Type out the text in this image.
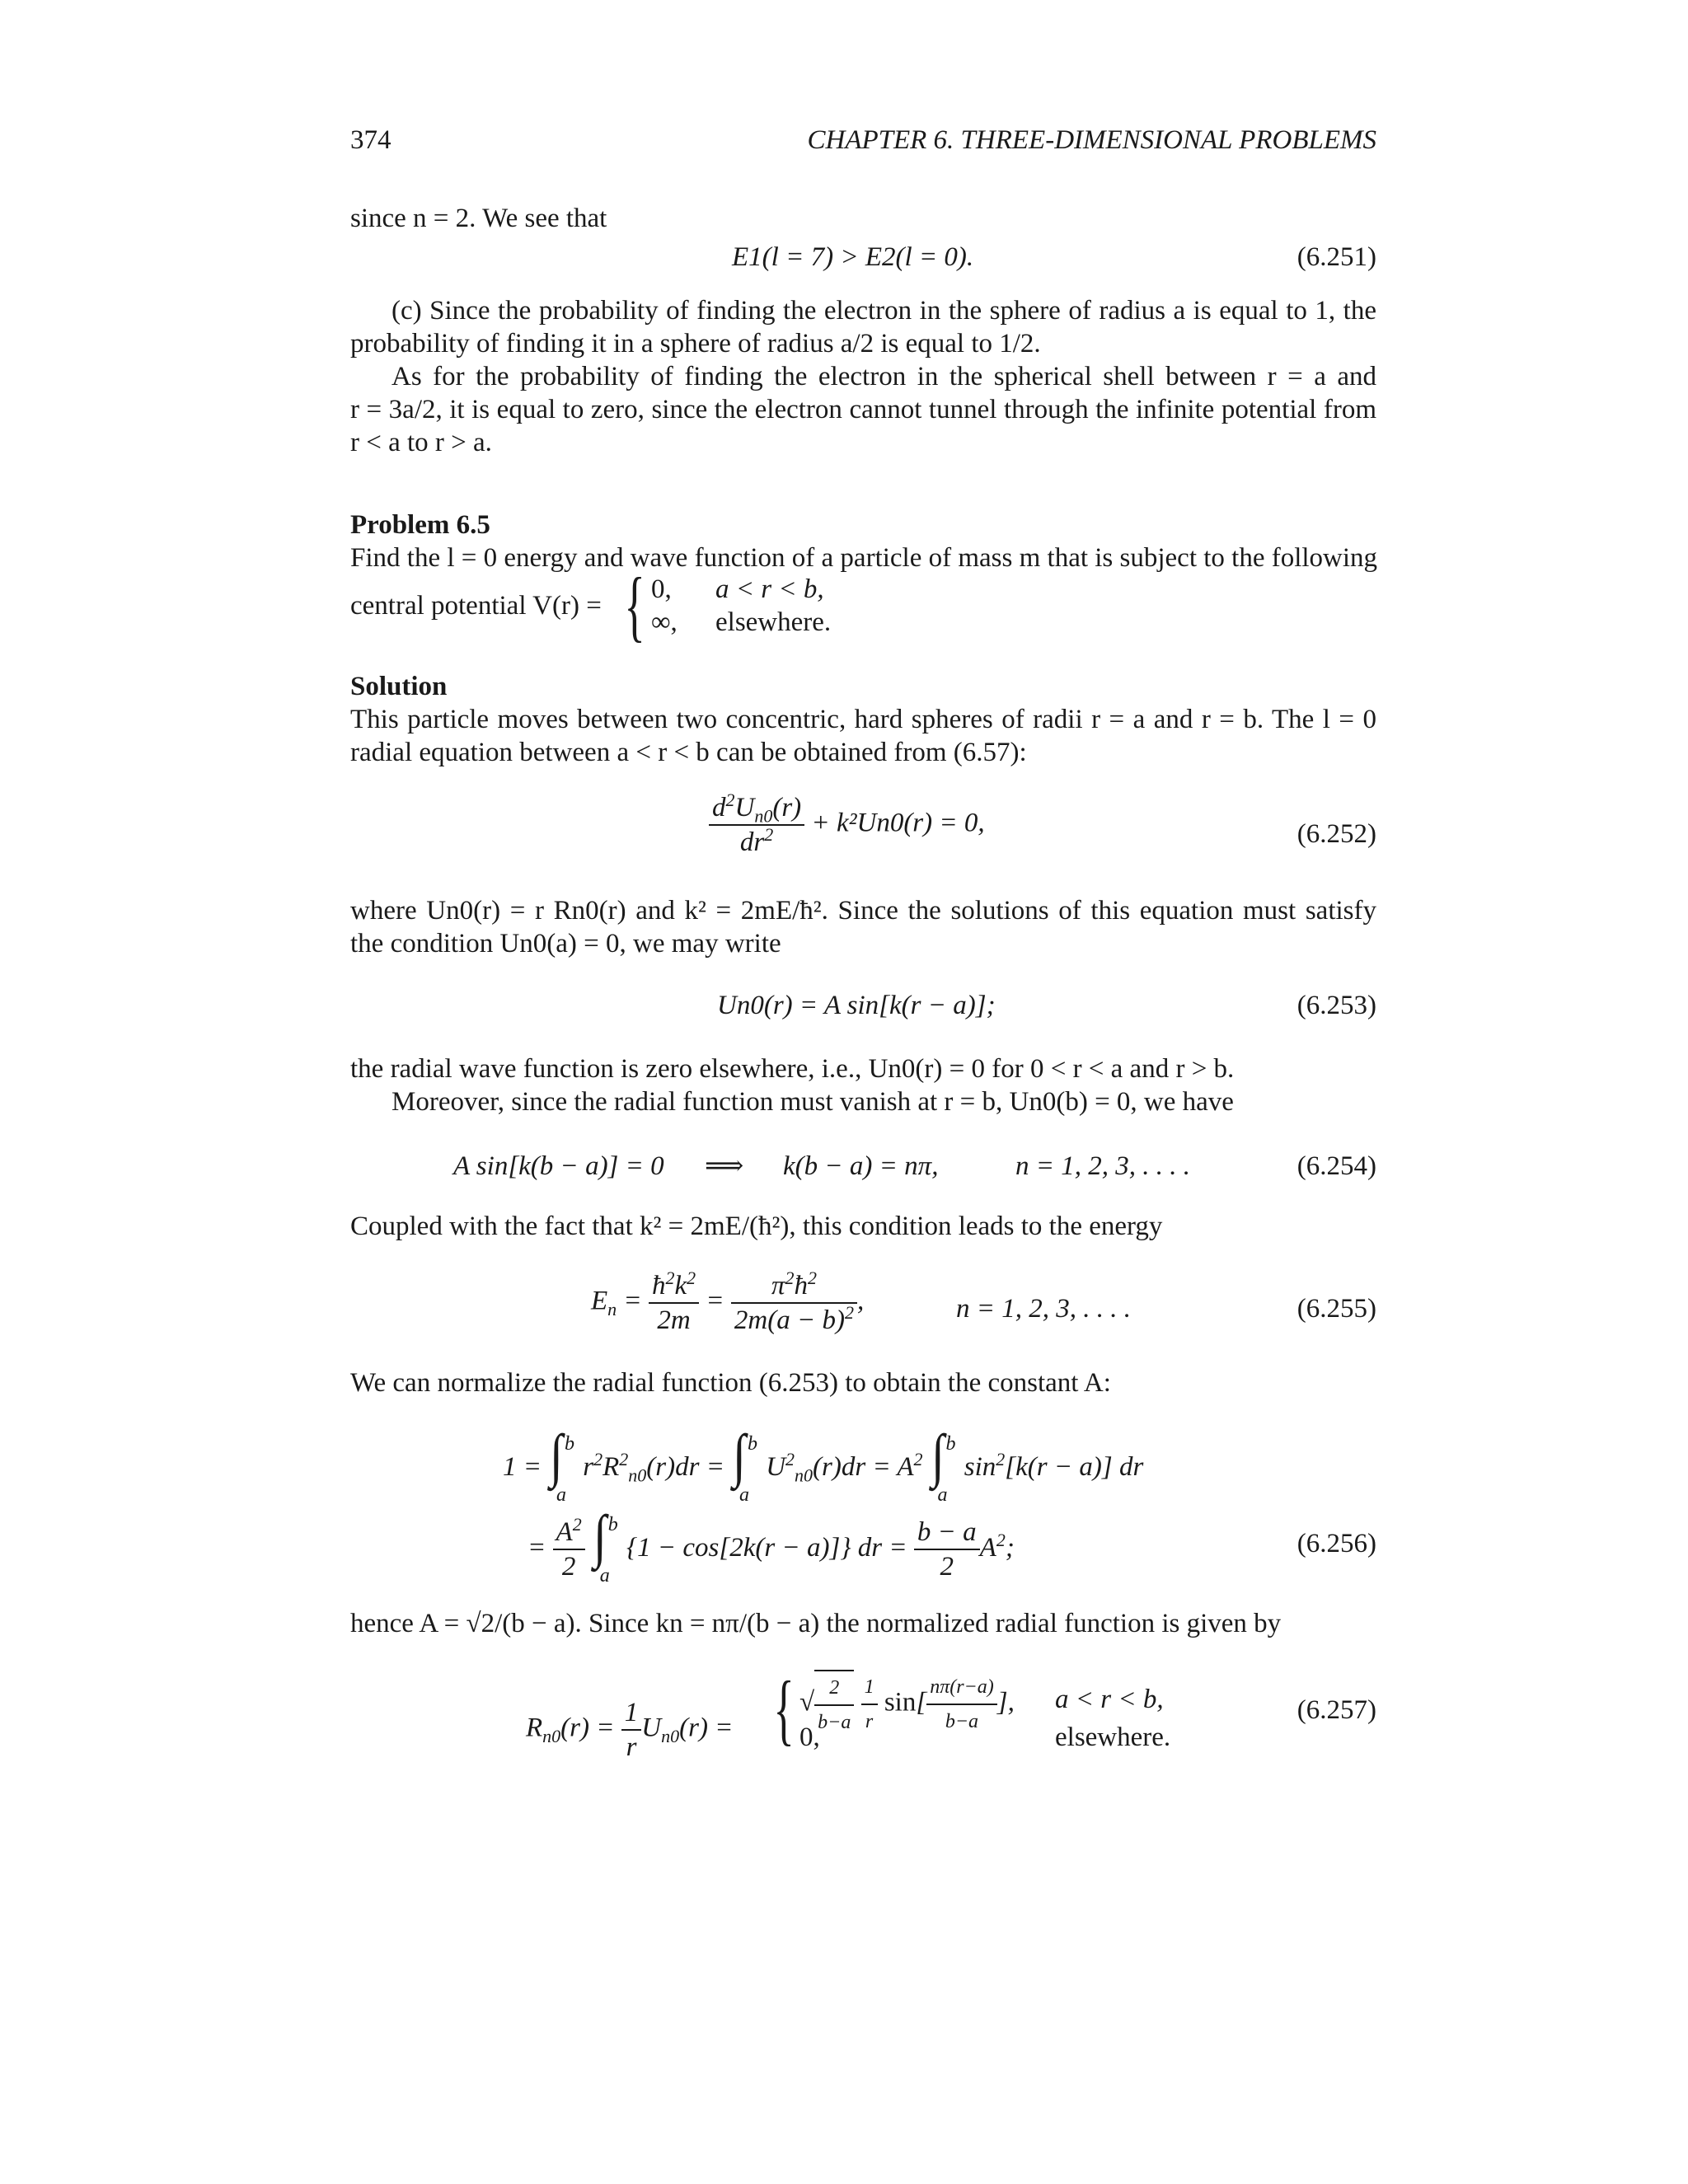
374	CHAPTER 6. THREE-DIMENSIONAL PROBLEMS
since n = 2. We see that
E1(l = 7) > E2(l = 0).	(6.251)
(c) Since the probability of finding the electron in the sphere of radius a is equal to 1, the
probability of finding it in a sphere of radius a/2 is equal to 1/2.
As for the probability of finding the electron in the spherical shell between r = a and
r = 3a/2, it is equal to zero, since the electron cannot tunnel through the infinite potential from
r < a to r > a.
Problem 6.5
Find the l = 0 energy and wave function of a particle of mass m that is subject to the following
central potential V(r) = { 0, a < r < b,
∞, elsewhere.
Solution
This particle moves between two concentric, hard spheres of radii r = a and r = b. The l = 0
radial equation between a < r < b can be obtained from (6.57):
$\frac{d^2U_{n0}(r)}{dr^2} + k^2Un0(r) = 0$,	(6.252)
where Un0(r) = r Rn0(r) and k² = 2mE/ħ². Since the solutions of this equation must satisfy
the condition Un0(a) = 0, we may write
Un0(r) = A sin[k(r − a)];	(6.253)
the radial wave function is zero elsewhere, i.e., Un0(r) = 0 for 0 < r < a and r > b.
Moreover, since the radial function must vanish at r = b, Un0(b) = 0, we have
A sin[k(b − a)] = 0 ⟹ k(b − a) = nπ,	n = 1, 2, 3, . . . .	(6.254)
Coupled with the fact that k² = 2mE/(ħ²), this condition leads to the energy
$E_n = \frac{ħ^2k^2}{2m} = \frac{\pi^2ħ^2}{2m(a - b)^2}$ ,	n = 1, 2, 3, . . . .	(6.255)
We can normalize the radial function (6.253) to obtain the constant A:
1 = ∫ b
a
$r^2R^2_{n0}(r)dr$ = ∫ b
a
$U^2_{n0}(r)dr = A^2$ ∫ b
a
$\sin^2[k(r - a)]$ dr
= $\frac{A^2}{2}$ ∫ b
a
{1 − cos[2k(r − a)]} dr = $\frac{b - a}{2} A^2$;	(6.256)
hence A = √2/(b − a). Since kn = nπ/(b − a) the normalized radial function is given by
$R_{n0}(r) = \frac{1}{r} U_{n0}(r)$ = { √ $\frac{2}{b-a}$
$\frac{1}{r} \sin[ \frac{n\pi(r-a)}{b-a}$ ],
0,
a < r < b,
elsewhere.
(6.257)
